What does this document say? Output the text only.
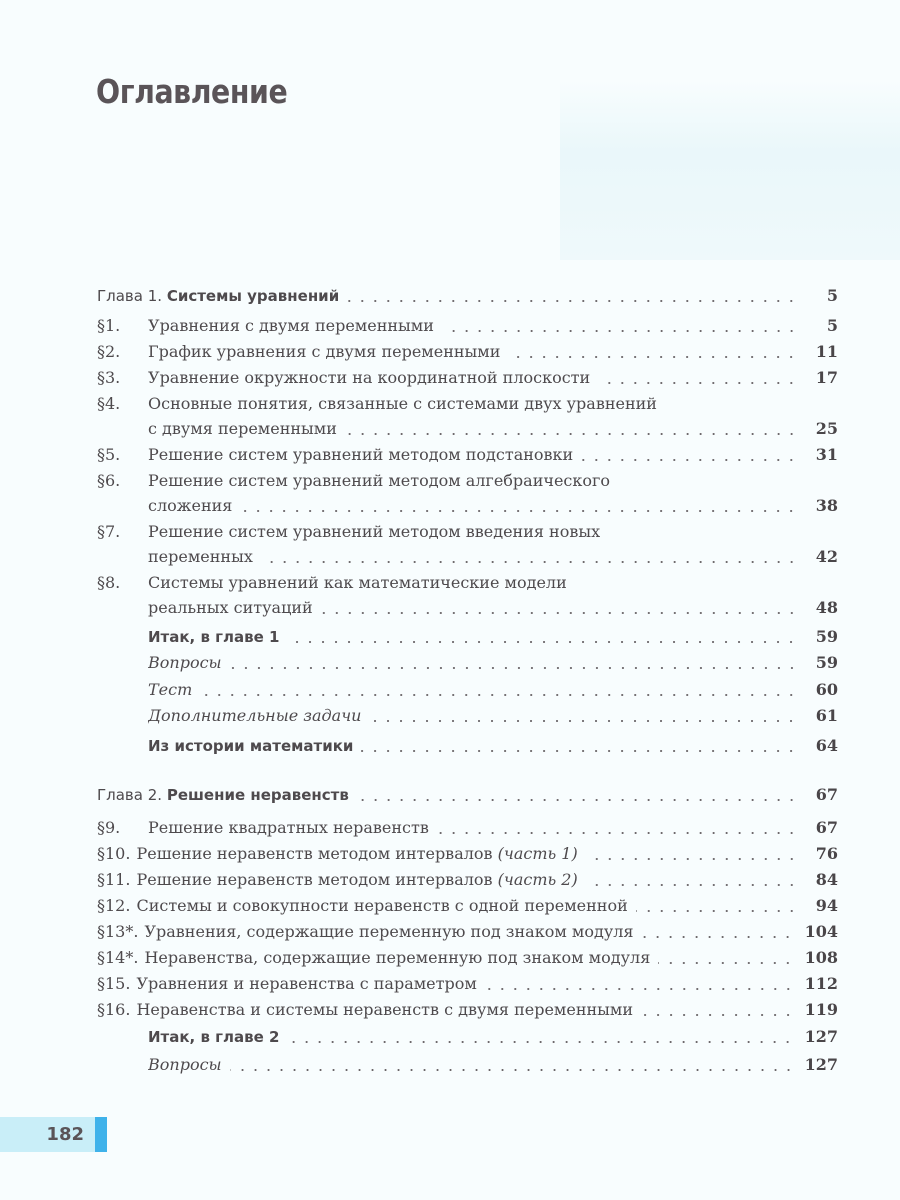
Оглавление
Глава 1. Системы уравнений	5
§1.	Уравнения с двумя переменными	5
§2.	График уравнения с двумя переменными	11
§3.	Уравнение окружности на координатной плоскости	17
§4.	Основные понятия, связанные с системами двух уравнений
с двумя переменными	25
§5.	Решение систем уравнений методом подстановки	31
§6.	Решение систем уравнений методом алгебраического
сложения	38
§7.	Решение систем уравнений методом введения новых
переменных	42
§8.	Системы уравнений как математические модели
реальных ситуаций	48
Итак, в главе 1	59
Вопросы	59
Тест	60
Дополнительные задачи	61
Из истории математики	64
Глава 2. Решение неравенств	67
§9.	Решение квадратных неравенств	67
§10. Решение неравенств методом интервалов (часть 1)	76
§11. Решение неравенств методом интервалов (часть 2)	84
§12. Системы и совокупности неравенств с одной переменной	94
§13*. Уравнения, содержащие переменную под знаком модуля	104
§14*. Неравенства, содержащие переменную под знаком модуля	108
§15. Уравнения и неравенства с параметром	112
§16. Неравенства и системы неравенств с двумя переменными	119
Итак, в главе 2	127
Вопросы	127
182
